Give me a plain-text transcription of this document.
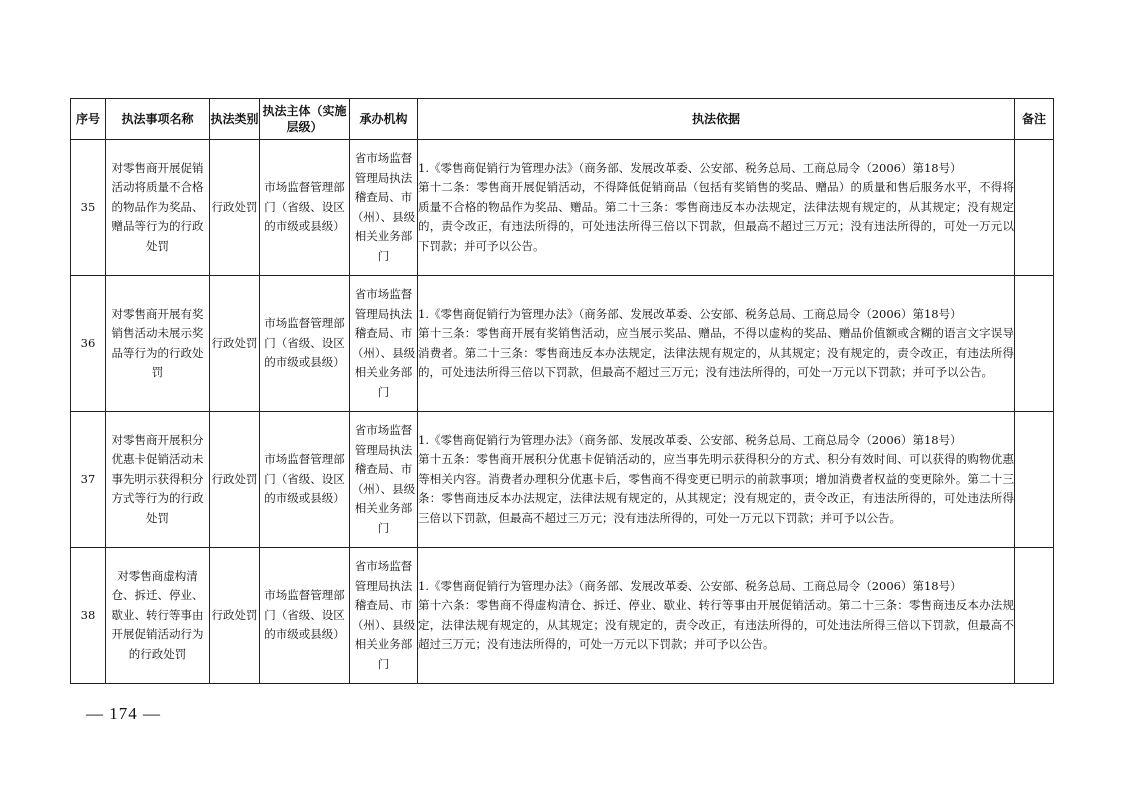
序号	执法事项名称	执法类别	执法主体（实施层级）	承办机构	执法依据	备注
35	对零售商开展促销活动将质量不合格的物品作为奖品、赠品等行为的行政处罚	行政处罚	市场监督管理部门（省级、设区的市级或县级）	省市场监督管理局执法稽查局、市（州）、县级相关业务部门	1.《零售商促销行为管理办法》（商务部、发展改革委、公安部、税务总局、工商总局令（2006）第18号）

第十二条：零售商开展促销活动，不得降低促销商品（包括有奖销售的奖品、赠品）的质量和售后服务水平，不得将质量不合格的物品作为奖品、赠品。第二十三条：零售商违反本办法规定，法律法规有规定的，从其规定；没有规定的，责令改正，有违法所得的，可处违法所得三倍以下罚款，但最高不超过三万元；没有违法所得的，可处一万元以下罚款；并可予以公告。	

36	对零售商开展有奖销售活动未展示奖品等行为的行政处罚	行政处罚	市场监督管理部门（省级、设区的市级或县级）	省市场监督管理局执法稽查局、市（州）、县级相关业务部门	1.《零售商促销行为管理办法》（商务部、发展改革委、公安部、税务总局、工商总局令（2006）第18号）

第十三条：零售商开展有奖销售活动，应当展示奖品、赠品，不得以虚构的奖品、赠品价值额或含糊的语言文字误导消费者。第二十三条：零售商违反本办法规定，法律法规有规定的，从其规定；没有规定的，责令改正，有违法所得的，可处违法所得三倍以下罚款，但最高不超过三万元；没有违法所得的，可处一万元以下罚款；并可予以公告。	

37	对零售商开展积分优惠卡促销活动未事先明示获得积分方式等行为的行政处罚	行政处罚	市场监督管理部门（省级、设区的市级或县级）	省市场监督管理局执法稽查局、市（州）、县级相关业务部门	1.《零售商促销行为管理办法》（商务部、发展改革委、公安部、税务总局、工商总局令（2006）第18号）

第十五条：零售商开展积分优惠卡促销活动的，应当事先明示获得积分的方式、积分有效时间、可以获得的购物优惠等相关内容。消费者办理积分优惠卡后，零售商不得变更已明示的前款事项；增加消费者权益的变更除外。第二十三条：零售商违反本办法规定，法律法规有规定的，从其规定；没有规定的，责令改正，有违法所得的，可处违法所得三倍以下罚款，但最高不超过三万元；没有违法所得的，可处一万元以下罚款；并可予以公告。	

38	对零售商虚构清仓、拆迁、停业、歇业、转行等事由开展促销活动行为的行政处罚	行政处罚	市场监督管理部门（省级、设区的市级或县级）	省市场监督管理局执法稽查局、市（州）、县级相关业务部门	1.《零售商促销行为管理办法》（商务部、发展改革委、公安部、税务总局、工商总局令（2006）第18号）

第十六条：零售商不得虚构清仓、拆迁、停业、歇业、转行等事由开展促销活动。第二十三条：零售商违反本办法规定，法律法规有规定的，从其规定；没有规定的，责令改正，有违法所得的，可处违法所得三倍以下罚款，但最高不超过三万元；没有违法所得的，可处一万元以下罚款；并可予以公告。	

— 174 —
